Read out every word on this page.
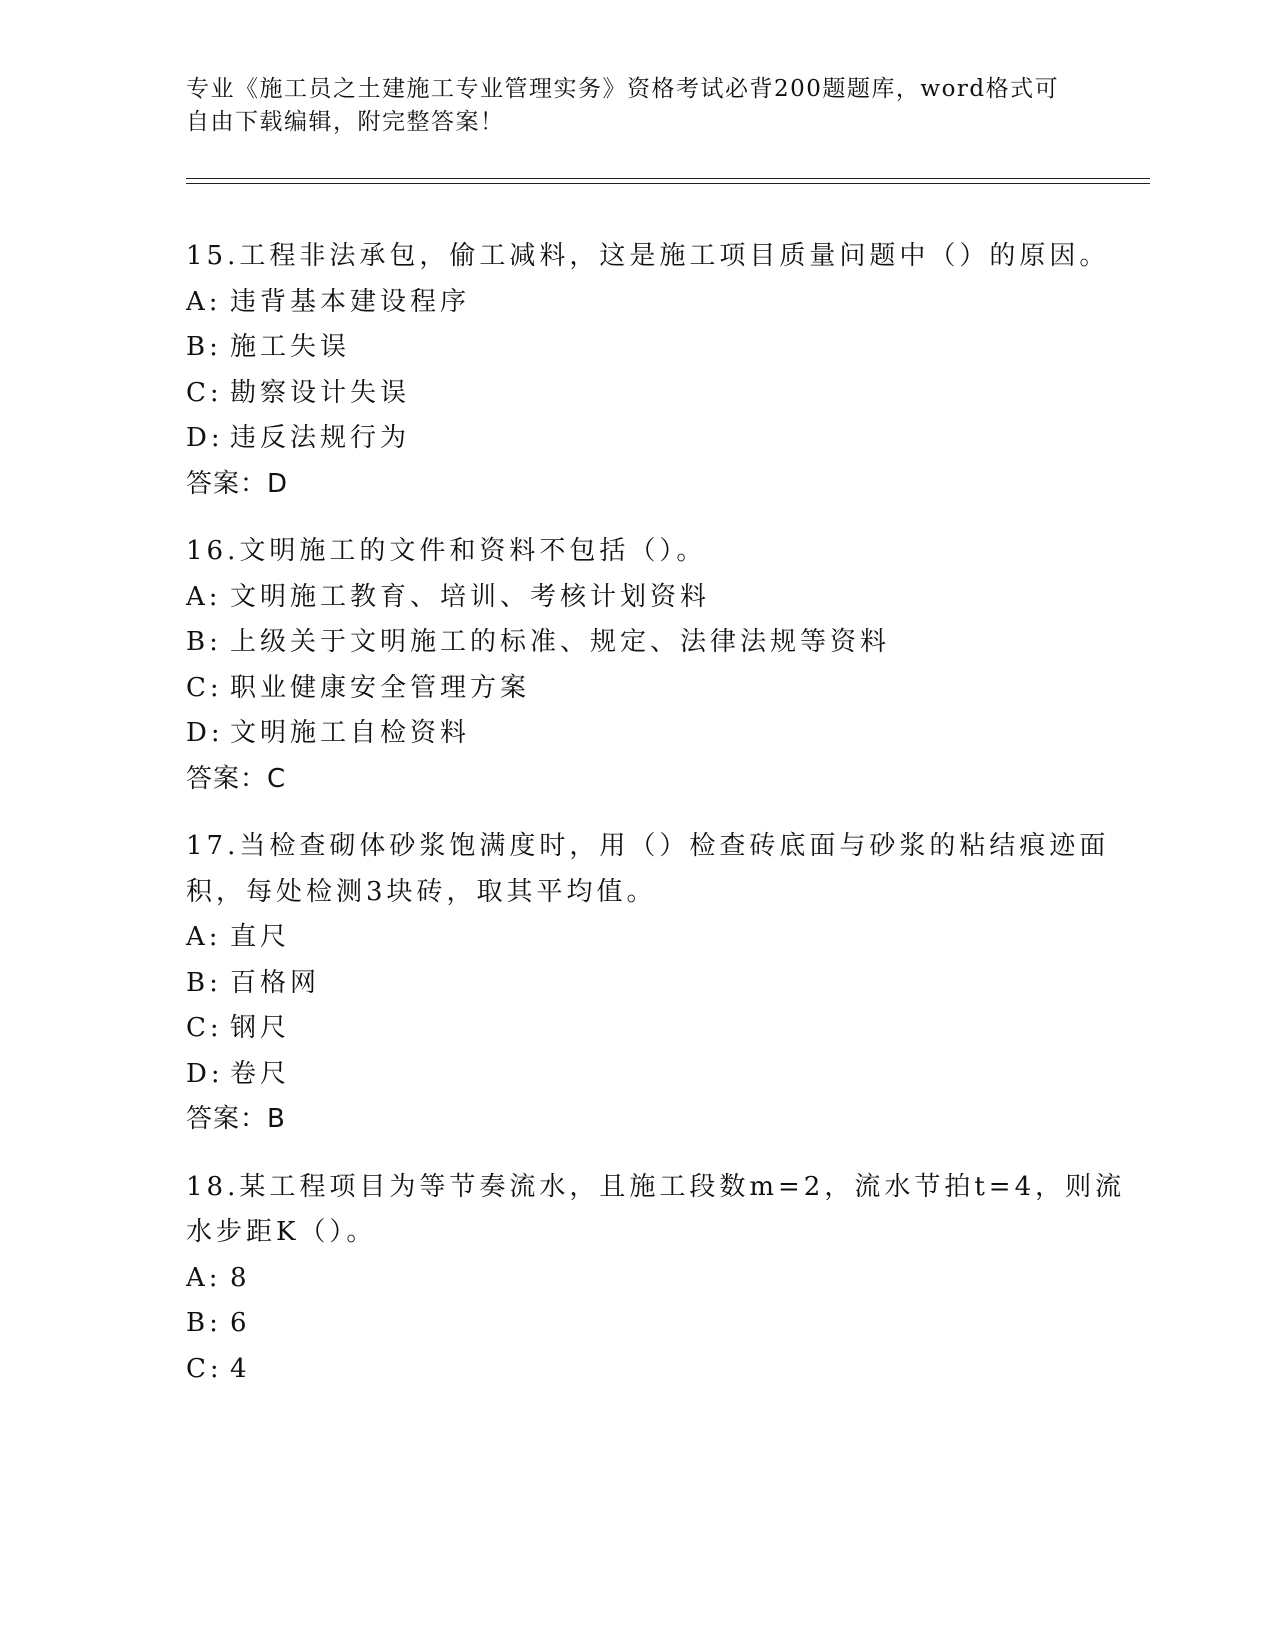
专业《施工员之土建施工专业管理实务》资格考试必背200题题库，word格式可
自由下载编辑，附完整答案！
15.工程非法承包，偷工减料，这是施工项目质量问题中（）的原因。
A: 违背基本建设程序
B: 施工失误
C: 勘察设计失误
D: 违反法规行为
答案：D
16.文明施工的文件和资料不包括（）。
A: 文明施工教育、培训、考核计划资料
B: 上级关于文明施工的标准、规定、法律法规等资料
C: 职业健康安全管理方案
D: 文明施工自检资料
答案：C
17.当检查砌体砂浆饱满度时，用（）检查砖底面与砂浆的粘结痕迹面
积，每处检测3块砖，取其平均值。
A: 直尺
B: 百格网
C: 钢尺
D: 卷尺
答案：B
18.某工程项目为等节奏流水，且施工段数m=2，流水节拍t=4，则流
水步距K（）。
A: 8
B: 6
C: 4
